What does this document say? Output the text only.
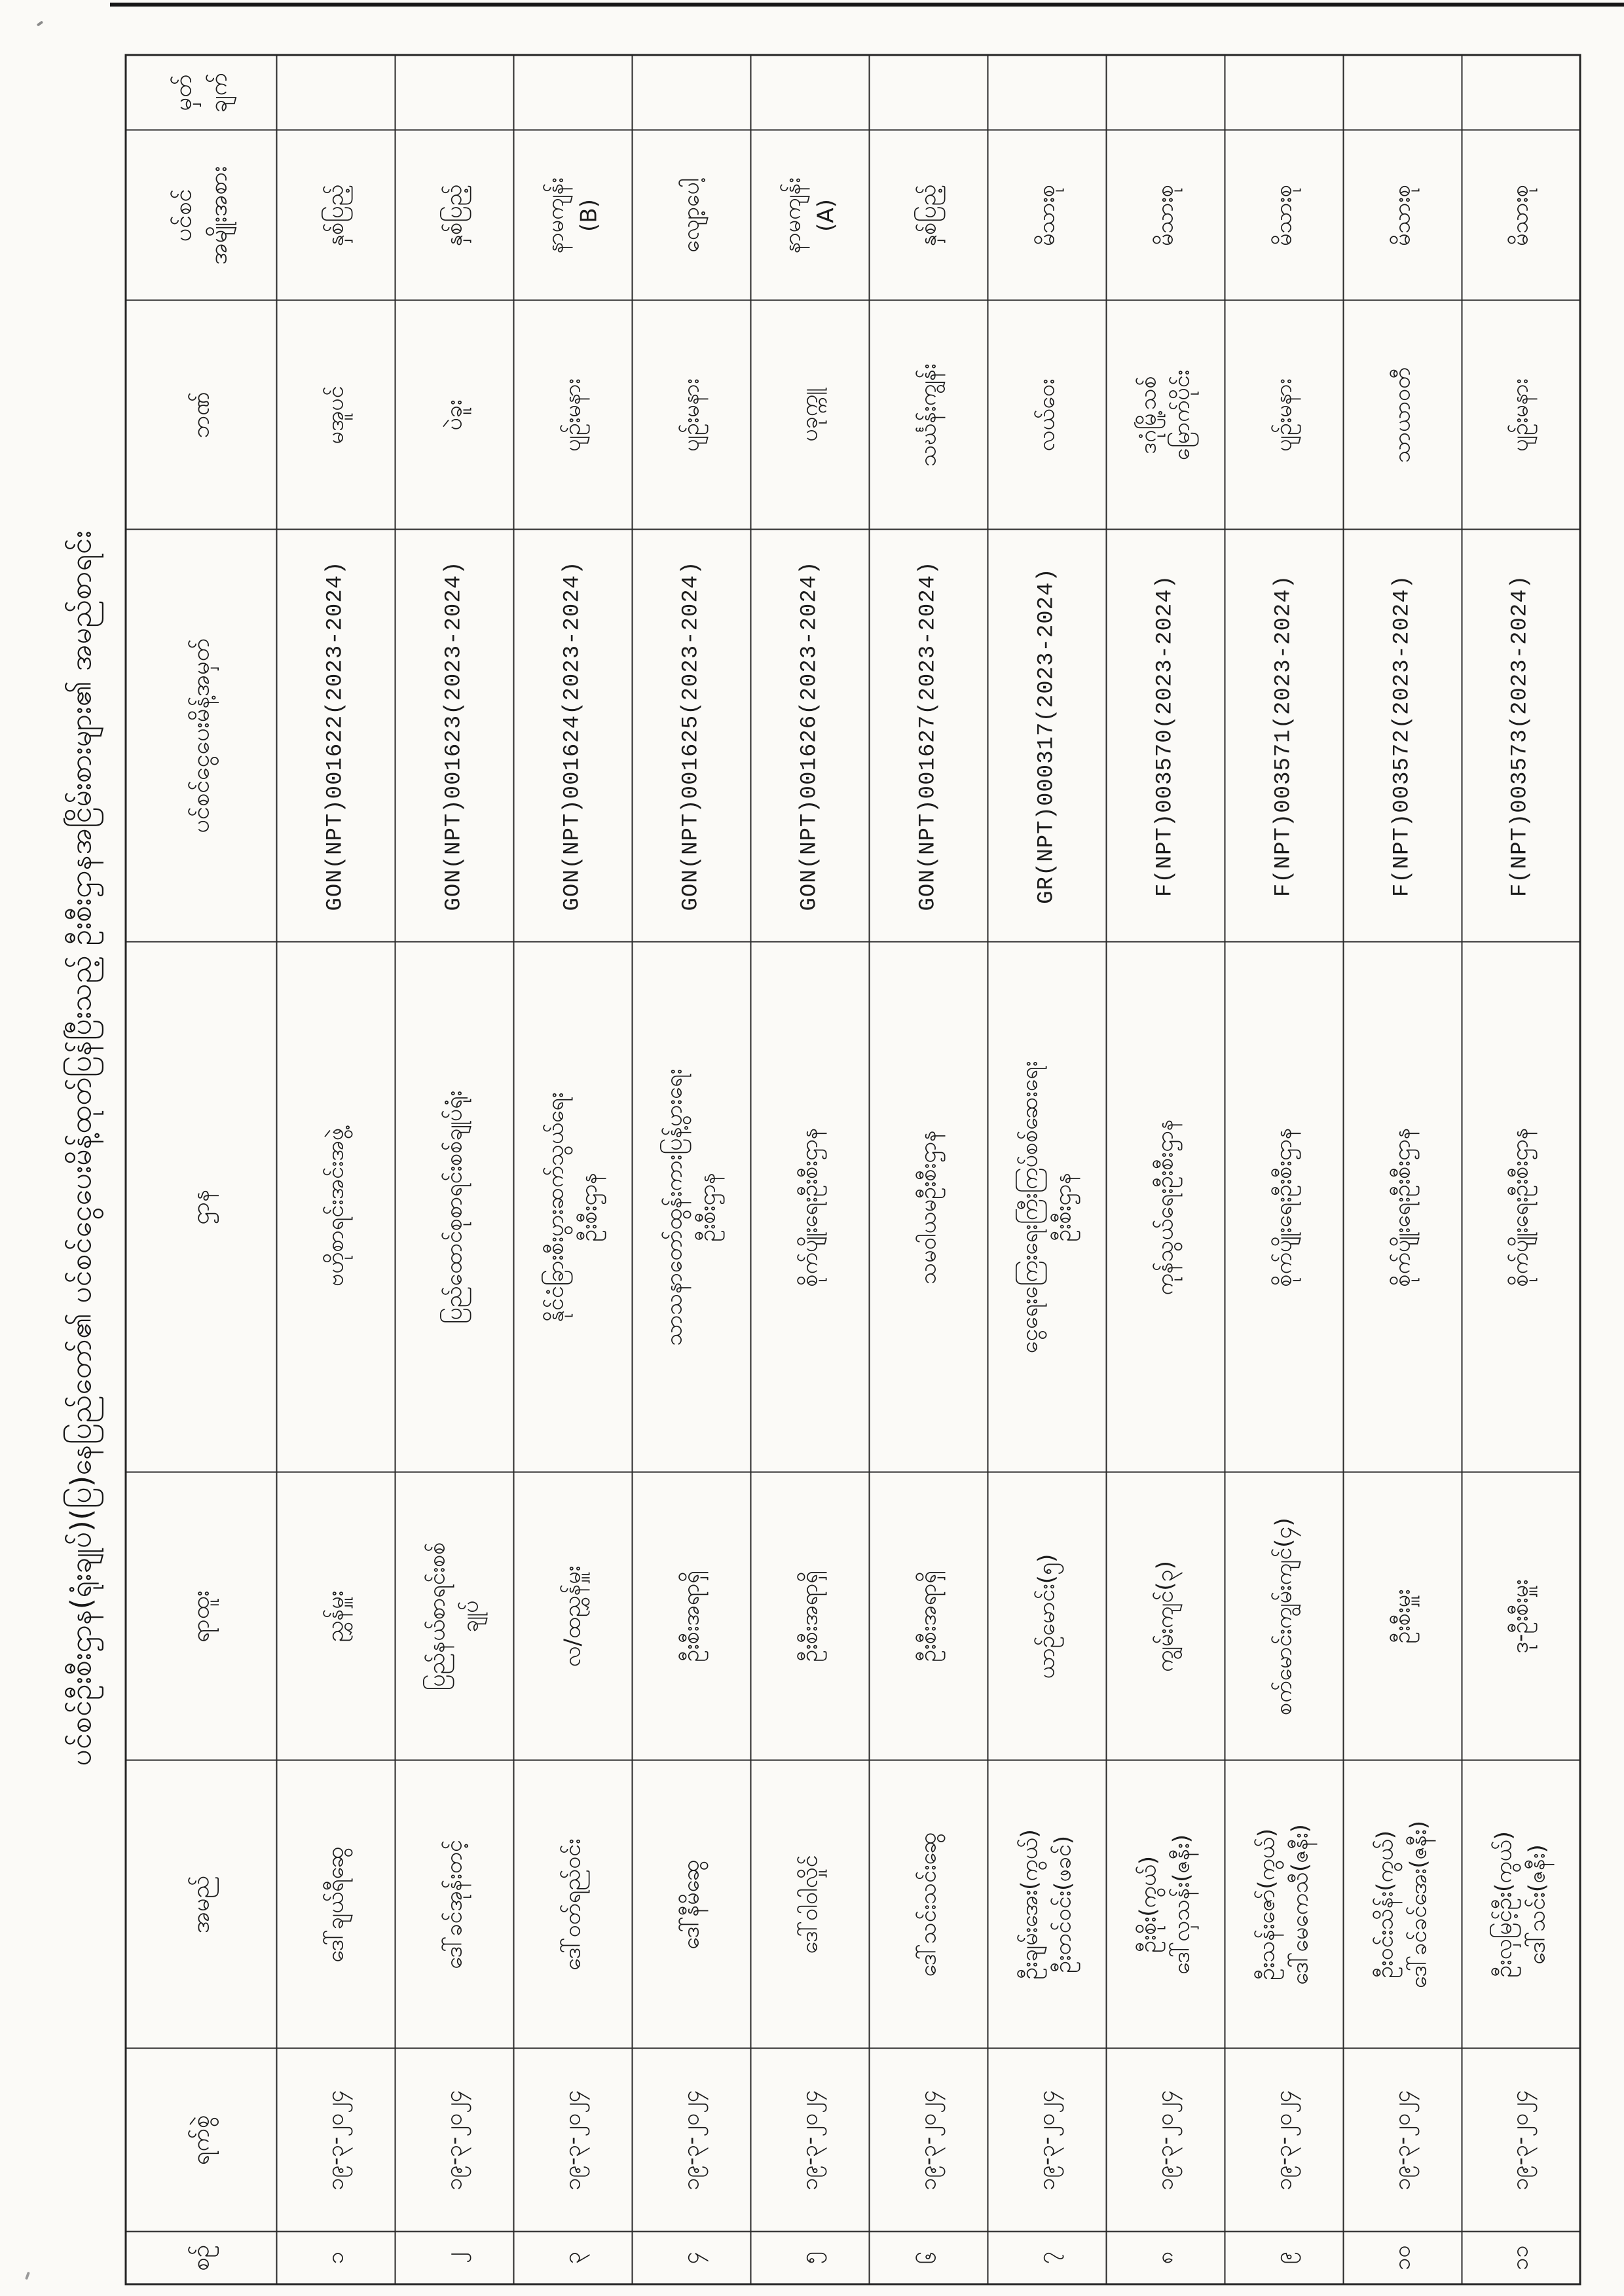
ပင်စင်ဦးစီးဌာန(ရုံးချုပ်)(ပြ)နေပြည်တော်၏ ပင်စင်ငွေပေးမိန့်ထုတ်ပြန်ပြီးသည့် ဦးစီးဌာနအငြိမ်းစားများ၏ အမည်စာရင်း
စဉ်	ရက်စွဲ	အမည်	ရာထူး	ဌာန	ပင်စင်ငွေပေးမိန့်အမှတ်	ဘဏ်	ပင်စင် အမျိုးအစား	မှတ် ချက်

၁	၁၉-၃-၂၀၂၄	ဒေါ်ချယ်ရီဆွေ	ညွှန်မှူး	ဗဟိုစာရင်းအင်းအဖွဲ့	GON(NPT)001622(2023-2024)	မအူပင်	နှစ်ပြည့်	

၂	၁၉-၃-၂၀၂၄	ဒေါ်ခင်အုန်းတင့်	ပြည်နယ်စာရင်းစစ် ချုပ်	ပြည်ထောင်စုစာရင်းစစ်ချုပ်ရုံး	GON(NPT)001623(2023-2024)	ပဲခူး	နှစ်ပြည့်	

၃	၁၉-၃-၂၀၂၄	ဒေါ်ဝတ်ရည်ဝင်း	လ/ထညွှန်မှူး	နိုင်ငံခြားစီးပွားဆက်သွယ်ရေး ဦးစီးဌာန	GON(NPT)001624(2023-2024)	ပျဉ်းမနား	နာမကျန်း (B)	

၄	၁၉-၃-၂၀၂၄	ဒေါ်နီမိဆွေ	ဦးစီးအရာရှိ	သာသနာတော်ထွန်းကားပြန့်ပွားရေး ဦးစီးဌာန	GON(NPT)001625(2023-2024)	ပျဉ်းမနား	လျော့ပေါ့	

၅	၁၉-၃-၂၀၂၄	ဒေါ်ဝါဝါလှိုင်	ဦးစီးအရာရှိ	စိုက်ပျိုးရေးဦးစီးဌာန	GON(NPT)001626(2023-2024)	ပခုက္ကူ	နာမကျန်း (A)	

၆	၁၉-၃-၂၀၂၄	ဒေါ်သင်းသင်းဆွေ	ဦးစီးအရာရှိ	သမဝါယမဦးစီးဌာန	GON(NPT)001627(2023-2024)	သင်္ဃန်းကျွန်း	နှစ်ပြည့်	

၇	၁၉-၃-၂၀၂၄	ဦးချမ်းအေး(ကွယ်) ဦးတင်ဝင်း(ဖခင်)	ယာဉ်မောင်း(၅)	ငွေရေးကြေးရေးကြီးကြပ်စစ်ဆေးရေး ဦးစီးဌာန	GR(NPT)000317(2023-2024)	လယ်ဝေး	မိသားစု	

၈	၁၉-၃-၂၀၂၄	ဦးစိုး(ကွယ်) ဒေါ်လှသန်း(ဇနီး)	ကျွမ်းကျင်(၃)	ကုန်သွယ်ရေးဦးစီးဌာန	F(NPT)003570(2023-2024)	ဒဂုံမြို့သစ် မြောက်ပိုင်း	မိသားစု	

၉	၁၉-၃-၂၀၂၄	ဦးသန်းဇော်(ကွယ်) ဒေါ်မေကေသီ(ဇနီး)	စက်မောင်းကျွမ်းကျင်(၄)	စိုက်ပျိုးရေးဦးစီးဌာန	F(NPT)003571(2023-2024)	ပျဉ်းမနား	မိသားစု	

၁၀	၁၉-၃-၂၀၂၄	ဦးဝင်းသိန်း(ကွယ်) ဒေါ်ခင်ခင်အေး(ဇနီး)	ဦးစီးမှူး	စိုက်ပျိုးရေးဦးစီးဌာန	F(NPT)003572(2023-2024)	သာယာဝတီ	မိသားစု	

၁၁	၁၉-၃-၂၀၂၄	ဦးလှမြင့်ဦး(ကွယ်) ဒေါ်သင်း(ဇနီး)	ဒု-ဦးစီးမှူး	စိုက်ပျိုးရေးဦးစီးဌာန	F(NPT)003573(2023-2024)	ပျဉ်းမနား	မိသားစု	
